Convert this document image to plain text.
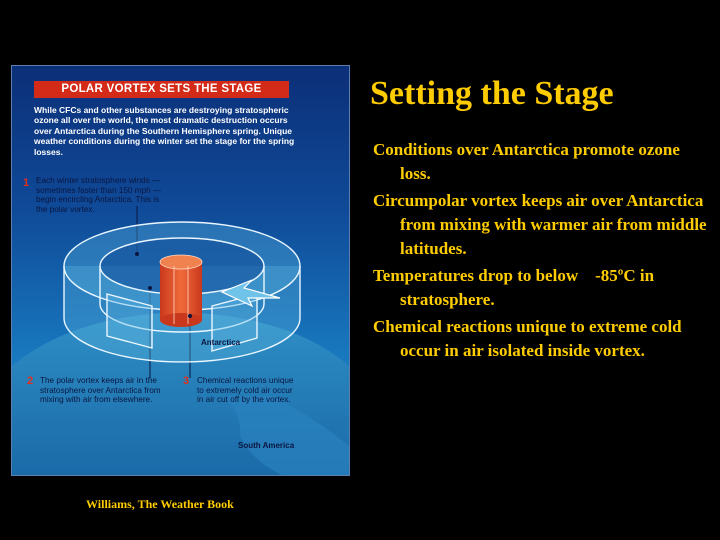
POLAR VORTEX SETS THE STAGE
While CFCs and other substances are destroying stratospheric ozone all over the world, the most dramatic destruction occurs over Antarctica during the Southern Hemisphere spring. Unique weather conditions during the winter set the stage for the spring losses.
1 Each winter stratosphere winds — sometimes faster than 150 mph — begin encircling Antarctica. This is the polar vortex.
2 The polar vortex keeps air in the stratosphere over Antarctica from mixing with air from elsewhere.
3 Chemical reactions unique to extremely cold air occur in air cut off by the vortex.
Antarctica
South America
Setting the Stage
Conditions over Antarctica promote ozone loss.
Circumpolar vortex keeps air over Antarctica from mixing with warmer air from middle latitudes.
Temperatures drop to below    -85ºC in stratosphere.
Chemical reactions unique to extreme cold occur in air isolated inside vortex.
Williams, The Weather Book
